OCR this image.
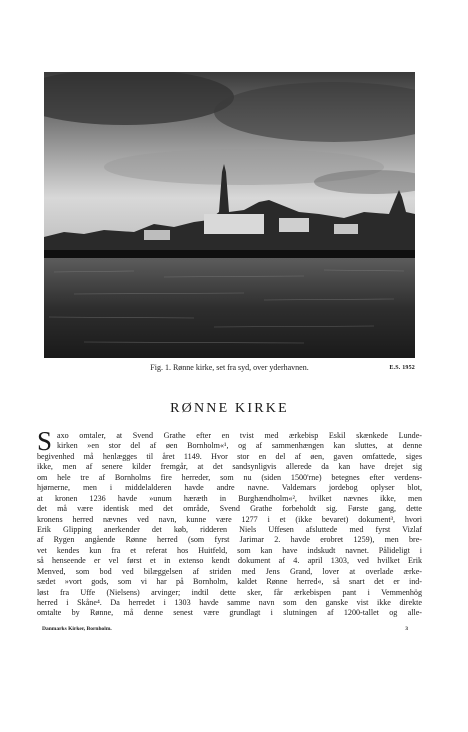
Fig. 1. Rønne kirke, set fra syd, over yderhavnen.	E.S. 1952
RØNNE KIRKE
S axo omtaler, at Svend Grathe efter en tvist med ærkebisp Eskil skænkede Lunde-
kirken »en stor del af øen Bornholm«¹, og af sammenhængen kan sluttes, at denne
begivenhed må henlægges til året 1149. Hvor stor en del af øen, gaven omfattede, siges
ikke, men af senere kilder fremgår, at det sandsynligvis allerede da kan have drejet sig
om hele tre af Bornholms fire herreder, som nu (siden 1500'rne) betegnes efter verdens-
hjørnerne, men i middelalderen havde andre navne. Valdemars jordebog oplyser blot,
at kronen 1236 havde »unum hæræth in Burghændholm«², hvilket nævnes ikke, men
det må være identisk med det område, Svend Grathe forbeholdt sig. Første gang, dette
kronens herred nævnes ved navn, kunne være 1277 i et (ikke bevaret) dokument³, hvori
Erik Glipping anerkender det køb, ridderen Niels Uffesen afsluttede med fyrst Vizlaf
af Rygen angående Rønne herred (som fyrst Jarimar 2. havde erobret 1259), men bre-
vet kendes kun fra et referat hos Huitfeld, som kan have indskudt navnet. Pålideligt i
så henseende er vel først et in extenso kendt dokument af 4. april 1303, ved hvilket Erik
Menved, som bod ved bilæggelsen af striden med Jens Grand, lover at overlade ærke-
sædet »vort gods, som vi har på Bornholm, kaldet Rønne herred«, så snart det er ind-
løst fra Uffe (Nielsens) arvinger; indtil dette sker, får ærkebispen pant i Vemmenhög
herred i Skåne⁴. Da herredet i 1303 havde samme navn som den ganske vist ikke direkte
omtalte by Rønne, må denne senest være grundlagt i slutningen af 1200-tallet og alle-
Danmarks Kirker, Bornholm.	3
